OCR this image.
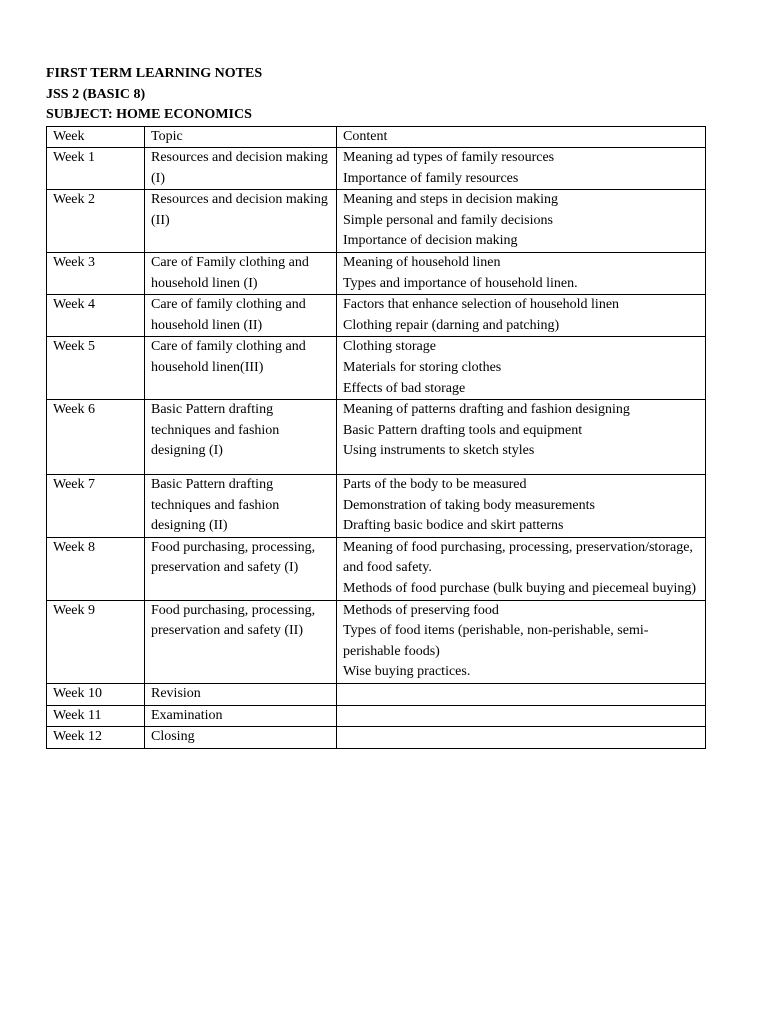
FIRST TERM LEARNING NOTES

JSS 2 (BASIC 8)

SUBJECT: HOME ECONOMICS

Week	Topic	Content
Week 1	Resources and decision making (I)	Meaning ad types of family resources
Importance of family resources

Week 2	Resources and decision making (II)	Meaning and steps in decision making
Simple personal and family decisions
Importance of decision making

Week 3	Care of Family clothing and household linen (I)	Meaning of household linen
Types and importance of household linen.

Week 4	Care of family clothing and household linen (II)	Factors that enhance selection of household linen
Clothing repair (darning and patching)

Week 5	Care of family clothing and household linen(III)	Clothing storage
Materials for storing clothes
Effects of bad storage

Week 6	Basic Pattern drafting techniques and fashion designing (I)	Meaning of patterns drafting and fashion designing
Basic Pattern drafting tools and equipment
Using instruments to sketch styles

Week 7	Basic Pattern drafting techniques and fashion designing (II)	Parts of the body to be measured
Demonstration of taking body measurements
Drafting basic bodice and skirt patterns

Week 8	Food purchasing, processing, preservation and safety (I)	Meaning of food purchasing, processing, preservation/storage, and food safety.
Methods of food purchase (bulk buying and piecemeal buying)

Week 9	Food purchasing, processing, preservation and safety (II)	Methods of preserving food
Types of food items (perishable, non-perishable, semi-perishable foods)
Wise buying practices.

Week 10	Revision	
Week 11	Examination	
Week 12	Closing	
